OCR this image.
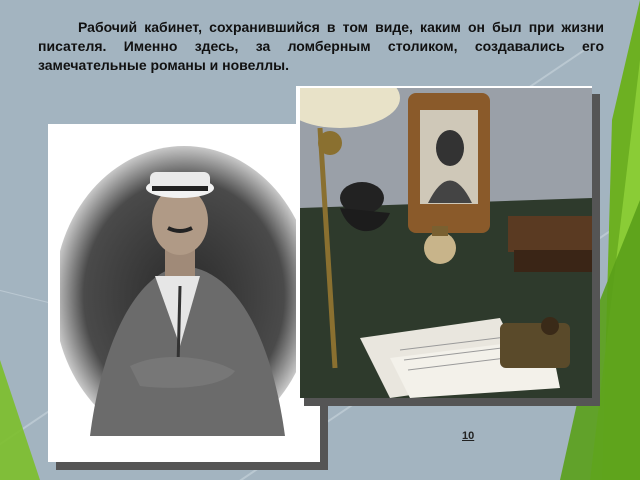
Рабочий кабинет, сохранившийся в том виде, каким он был при жизни писателя. Именно здесь, за ломберным столиком, создавались его замечательные романы и новеллы.

10
